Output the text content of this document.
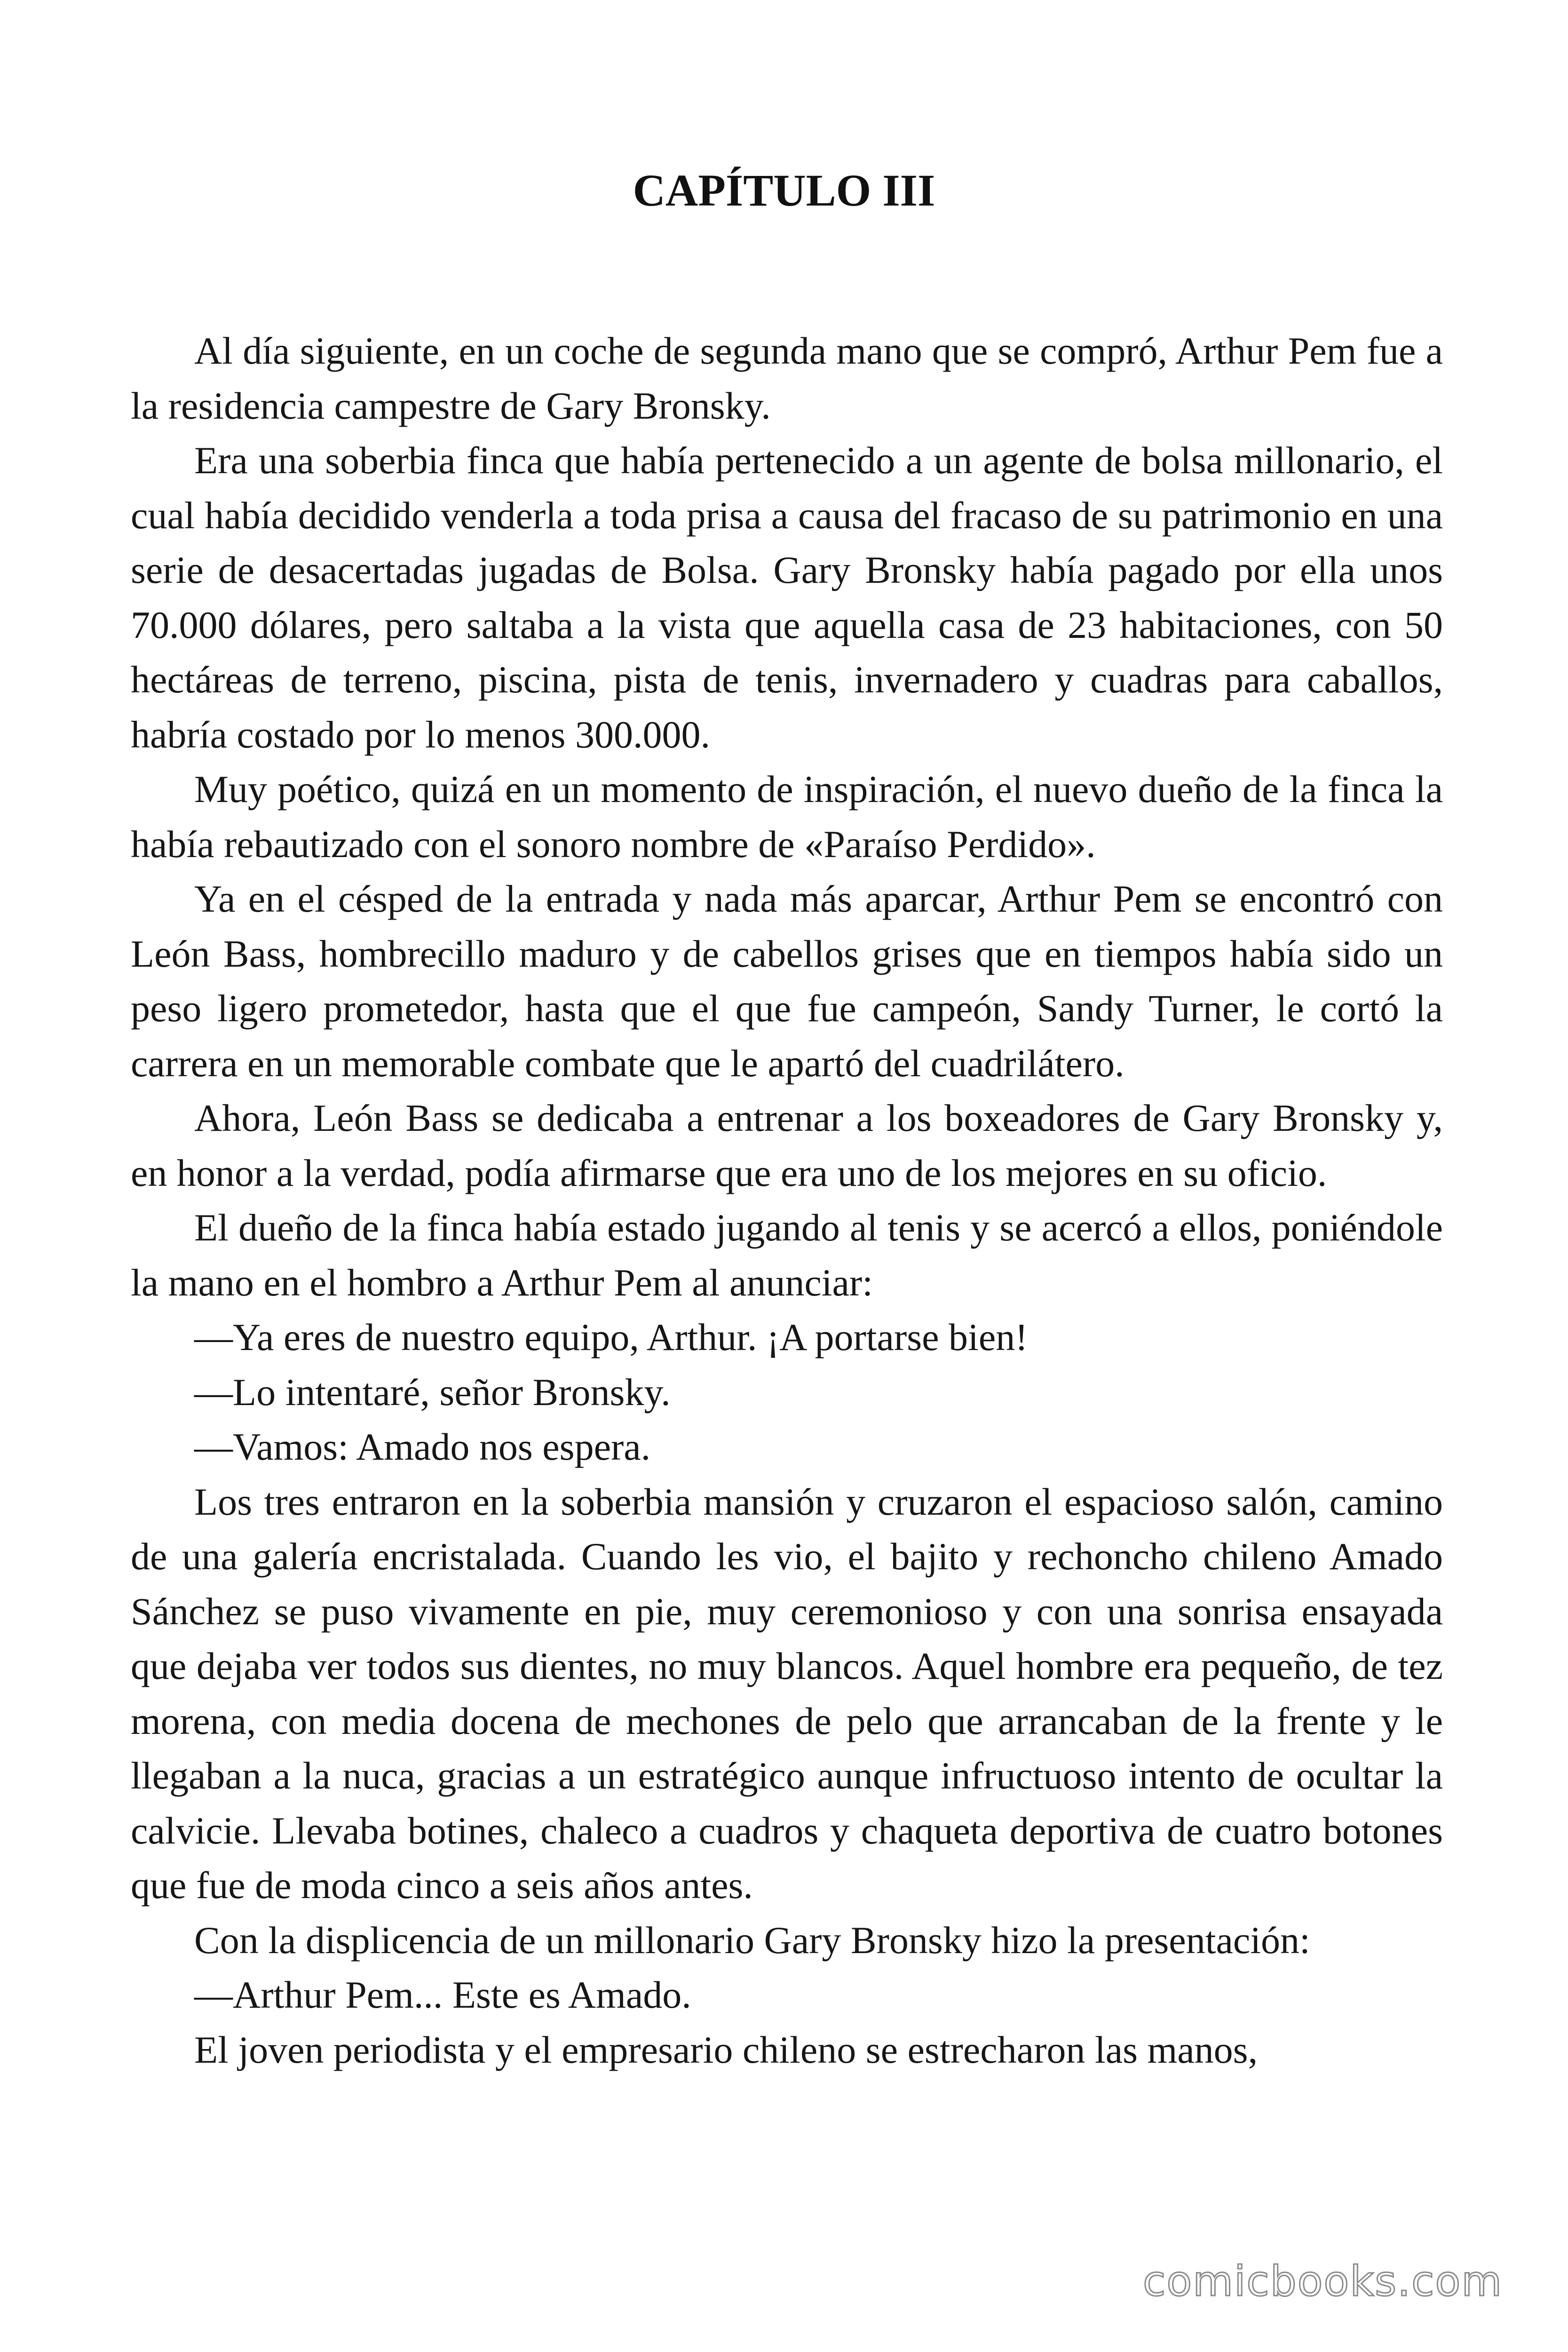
CAPÍTULO III

Al día siguiente, en un coche de segunda mano que se compró, Arthur Pem fue a la residencia campestre de Gary Bronsky.

Era una soberbia finca que había pertenecido a un agente de bolsa millonario, el cual había decidido venderla a toda prisa a causa del fracaso de su patrimonio en una serie de desacertadas jugadas de Bolsa. Gary Bronsky había pagado por ella unos 70.000 dólares, pero saltaba a la vista que aquella casa de 23 habitaciones, con 50 hectáreas de terreno, piscina, pista de tenis, invernadero y cuadras para caballos, habría costado por lo menos 300.000.

Muy poético, quizá en un momento de inspiración, el nuevo dueño de la finca la había rebautizado con el sonoro nombre de «Paraíso Perdido».

Ya en el césped de la entrada y nada más aparcar, Arthur Pem se encontró con León Bass, hombrecillo maduro y de cabellos grises que en tiempos había sido un peso ligero prometedor, hasta que el que fue campeón, Sandy Turner, le cortó la carrera en un memorable combate que le apartó del cuadrilátero.

Ahora, León Bass se dedicaba a entrenar a los boxeadores de Gary Bronsky y, en honor a la verdad, podía afirmarse que era uno de los mejores en su oficio.

El dueño de la finca había estado jugando al tenis y se acercó a ellos, poniéndole la mano en el hombro a Arthur Pem al anunciar:

—Ya eres de nuestro equipo, Arthur. ¡A portarse bien!

—Lo intentaré, señor Bronsky.

—Vamos: Amado nos espera.

Los tres entraron en la soberbia mansión y cruzaron el espacioso salón, camino de una galería encristalada. Cuando les vio, el bajito y rechoncho chileno Amado Sánchez se puso vivamente en pie, muy ceremonioso y con una sonrisa ensayada que dejaba ver todos sus dientes, no muy blancos. Aquel hombre era pequeño, de tez morena, con media docena de mechones de pelo que arrancaban de la frente y le llegaban a la nuca, gracias a un estratégico aunque infructuoso intento de ocultar la calvicie. Llevaba botines, chaleco a cuadros y chaqueta deportiva de cuatro botones que fue de moda cinco a seis años antes.

Con la displicencia de un millonario Gary Bronsky hizo la presentación:

—Arthur Pem... Este es Amado.

El joven periodista y el empresario chileno se estrecharon las manos,

comicbooks.com
